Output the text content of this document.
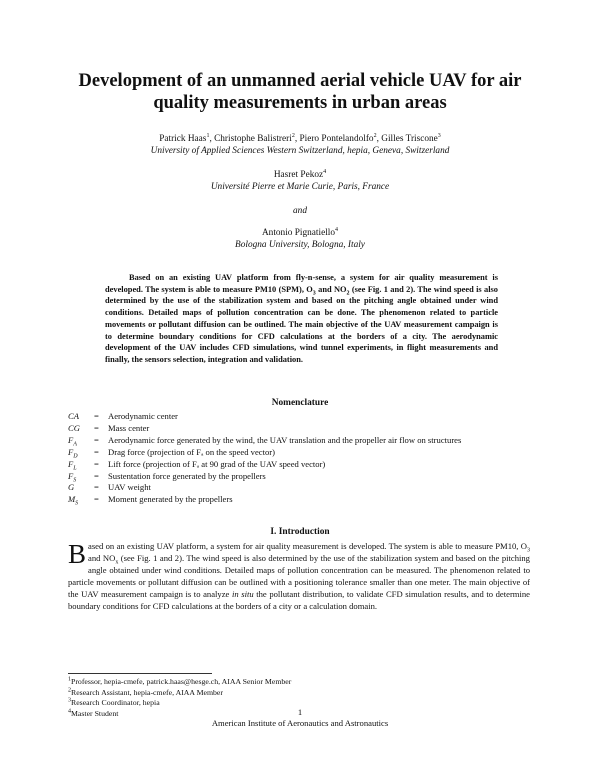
Development of an unmanned aerial vehicle UAV for air quality measurements in urban areas
Patrick Haas$^1$, Christophe Balistreri$^2$, Piero Pontelandolfo$^2$, Gilles Triscone$^3$
University of Applied Sciences Western Switzerland, hepia, Geneva, Switzerland
Hasret Pekoz$^4$
Université Pierre et Marie Curie, Paris, France
and
Antonio Pignatiello$^4$
Bologna University, Bologna, Italy
Based on an existing UAV platform from fly-n-sense, a system for air quality measurement is developed. The system is able to measure PM10 (SPM), $O_3$ and $NO_2$ (see Fig. 1 and 2). The wind speed is also determined by the use of the stabilization system and based on the pitching angle obtained under wind conditions. Detailed maps of pollution concentration can be done. The phenomenon related to particle movements or pollutant diffusion can be outlined. The main objective of the UAV measurement campaign is to determine boundary conditions for CFD calculations at the borders of a city. The aerodynamic development of the UAV includes CFD simulations, wind tunnel experiments, in flight measurements and finally, the sensors selection, integration and validation.
Nomenclature
CA	=	Aerodynamic center
CG	=	Mass center
$F_A$	=	Aerodynamic force generated by the wind, the UAV translation and the propeller air flow on structures
$F_D$	=	Drag force (projection of Fₐ on the speed vector)
$F_L$	=	Lift force (projection of Fₐ at 90 grad of the UAV speed vector)
$F_S$	=	Sustentation force generated by the propellers
G	=	UAV weight
$M_S$	=	Moment generated by the propellers
I. Introduction
Based on an existing UAV platform, a system for air quality measurement is developed. The system is able to measure PM10, $O_3$ and $NO_x$ (see Fig. 1 and 2). The wind speed is also determined by the use of the stabilization system and based on the pitching angle obtained under wind conditions. Detailed maps of pollution concentration can be measured. The phenomenon related to particle movements or pollutant diffusion can be outlined with a positioning tolerance smaller than one meter. The main objective of the UAV measurement campaign is to analyze in situ the pollutant distribution, to validate CFD simulation results, and to determine boundary conditions for CFD calculations at the borders of a city or a calculation domain.
$^1$Professor, hepia-cmefe, patrick.haas@hesge.ch, AIAA Senior Member
$^2$Research Assistant, hepia-cmefe, AIAA Member
$^3$Research Coordinator, hepia
$^4$Master Student	1
American Institute of Aeronautics and Astronautics
